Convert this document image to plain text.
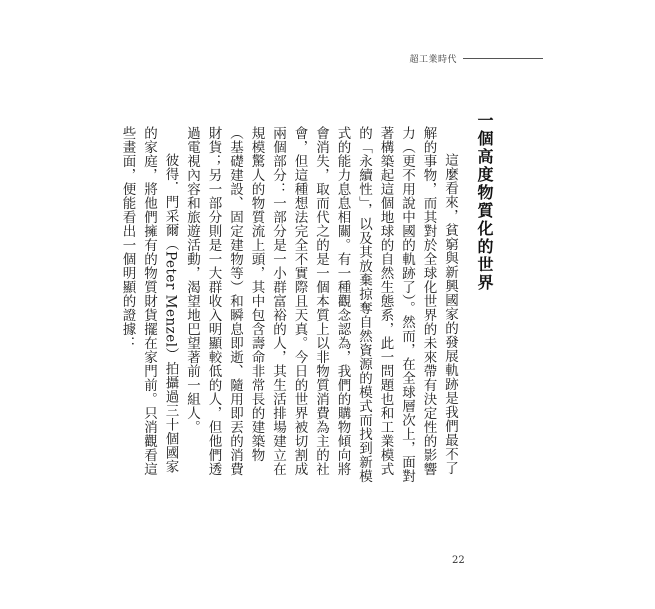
超工業時代
一個高度物質化的世界

這麼看來，貧窮與新興國家的發展軌跡是我們最不了解的事物，而其對於全球化世界的未來帶有決定性的影響力（更不用說中國的軌跡了）。然而，在全球層次上，面對著構築起這個地球的自然生態系，此一問題也和工業模式的「永續性」，以及其放棄掠奪自然資源的模式而找到新模式的能力息息相關。有一種觀念認為，我們的購物傾向將會消失，取而代之的是一個本質上以非物質消費為主的社會，但這種想法完全不實際且天真。今日的世界被切割成兩個部分：一部分是一小群富裕的人，其生活排場建立在規模驚人的物質流上頭，其中包含壽命非常長的建築物（基礎建設、固定建物等）和瞬息即逝、隨用即丟的消費財貨；另一部分則是一大群收入明顯較低的人，但他們透過電視內容和旅遊活動，渴望地巴望著前一組人。

彼得．門采爾（Peter Menzel）拍攝過三十個國家的家庭，將他們擁有的物質財貨擺在家門前。只消觀看這些畫面，便能看出一個明顯的證據：

22
